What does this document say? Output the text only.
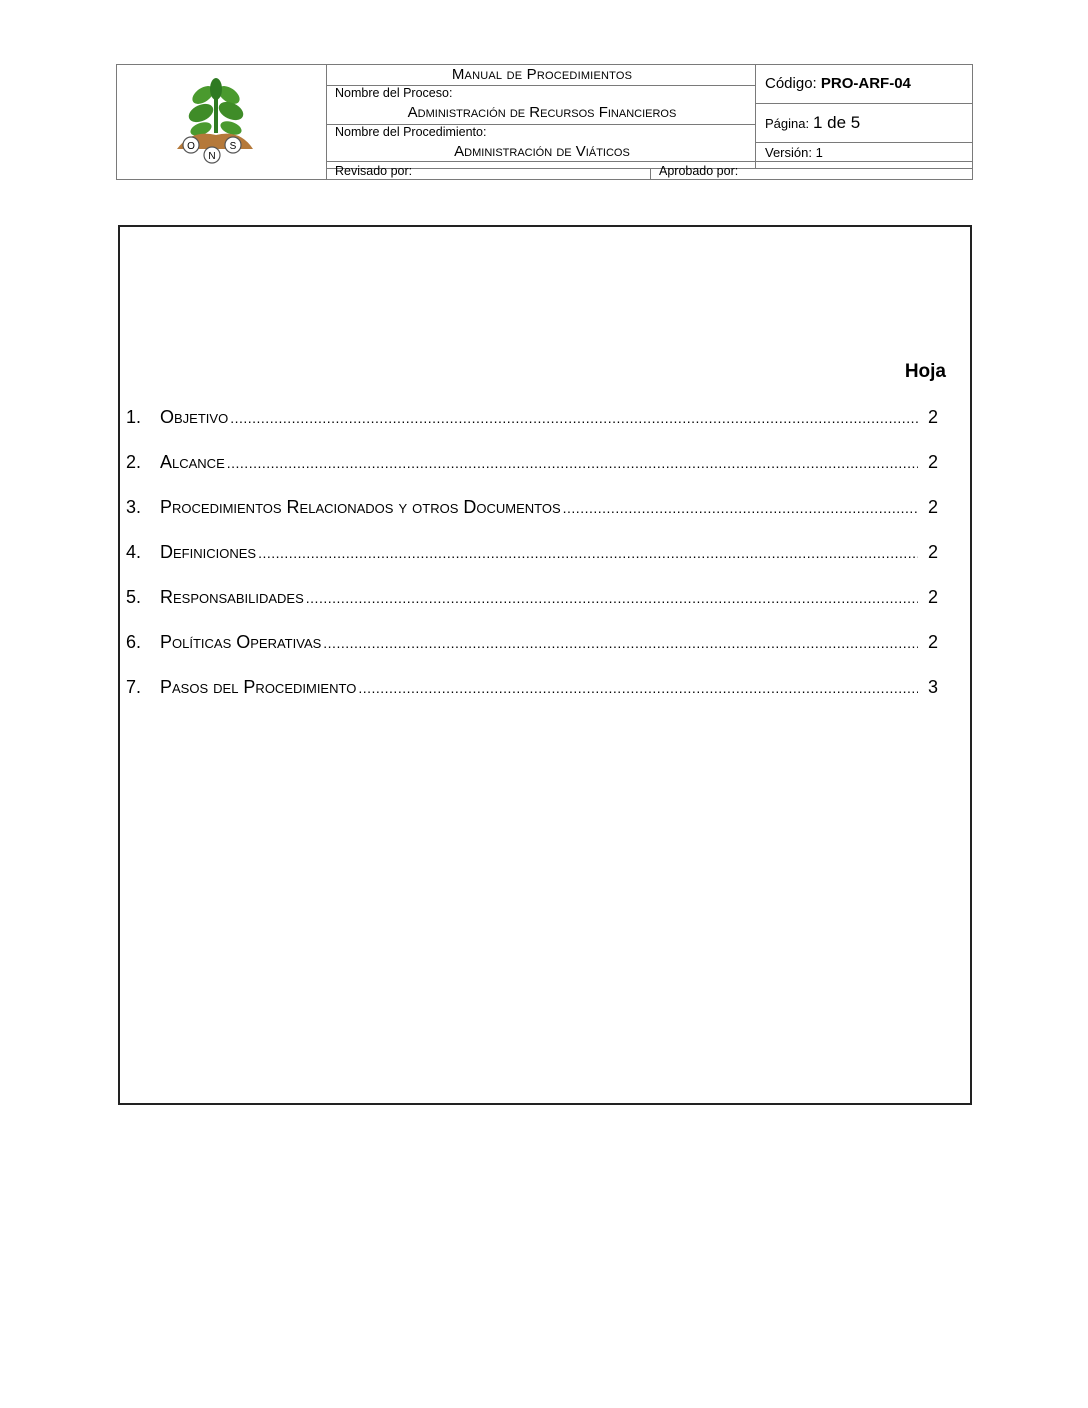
O
N
S
Manual de Procedimientos
Nombre del Proceso:
Administración de Recursos Financieros
Nombre del Procedimiento:
Administración de Viáticos
Revisado por:	Aprobado por:
Código: PRO-ARF-04
Página: 1 de 5
Versión: 1
Hoja
1.	Objetivo .....	2
2.	Alcance .....	2
3.	Procedimientos Relacionados y otros Documentos .....	2
4.	Definiciones .....	2
5.	Responsabilidades .....	2
6.	Políticas Operativas .....	2
7.	Pasos del Procedimiento .....	3
